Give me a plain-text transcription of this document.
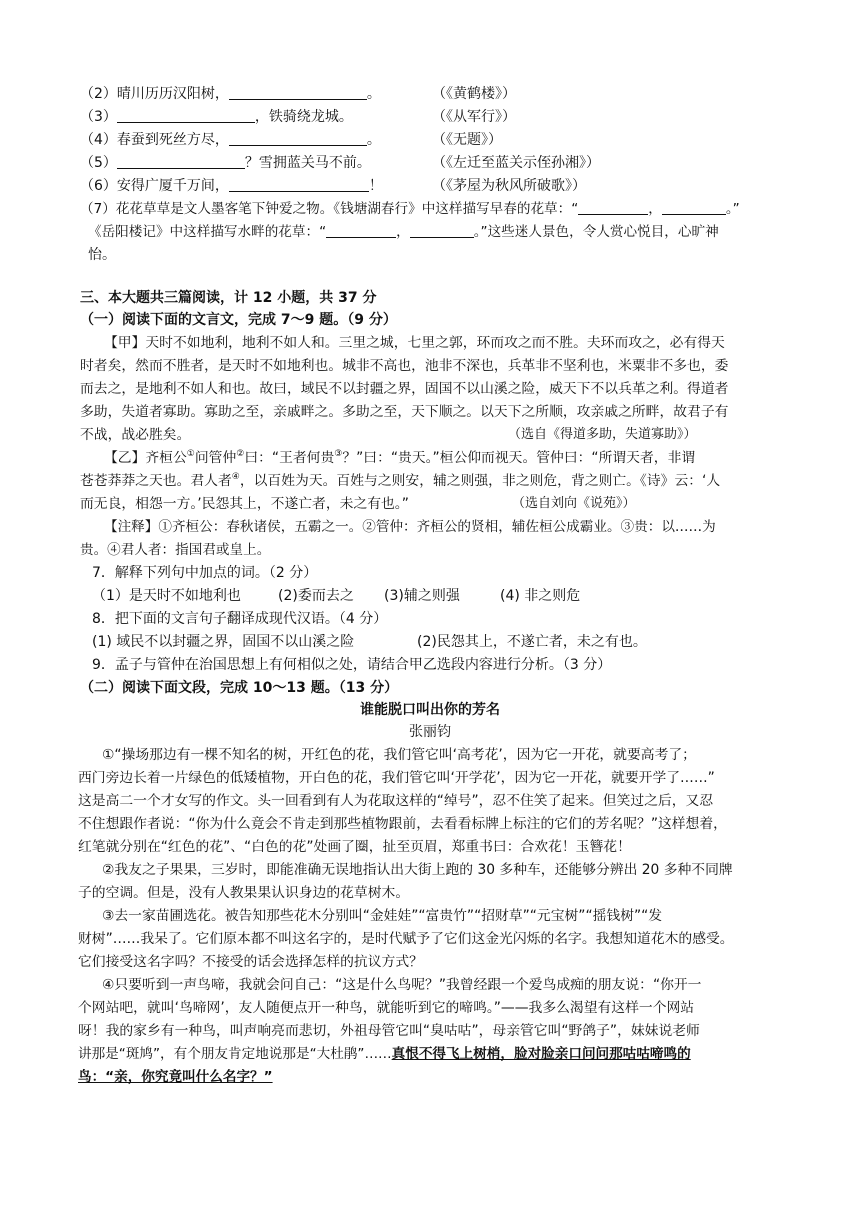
（2）晴川历历汉阳树，	。	（《黄鹤楼》）
（3）	，铁骑绕龙城。	（《从军行》）
（4）春蚕到死丝方尽，	。	（《无题》）
（5）	？雪拥蓝关马不前。	（《左迁至蓝关示侄孙湘》）
（6）安得广厦千万间，	！	（《茅屋为秋风所破歌》）
（7）花花草草是文人墨客笔下钟爱之物。《钱塘湖春行》中这样描写早春的花草：“	，	。”
《岳阳楼记》中这样描写水畔的花草：“	，	。”这些迷人景色，令人赏心悦目，心旷神
怡。
三、本大题共三篇阅读，计 12 小题，共 37 分
（一）阅读下面的文言文，完成 7～9 题。（9 分）
【甲】天时不如地利，地利不如人和。三里之城，七里之郭，环而攻之而不胜。夫环而攻之，必有得天
时者矣，然而不胜者，是天时不如地利也。城非不高也，池非不深也，兵革非不坚利也，米粟非不多也，委
而去之，是地利不如人和也。故曰，域民不以封疆之界，固国不以山溪之险，威天下不以兵革之利。得道者
多助，失道者寡助。寡助之至，亲戚畔之。多助之至，天下顺之。以天下之所顺，攻亲戚之所畔，故君子有
不战，战必胜矣。	（选自《得道多助，失道寡助》）
【乙】齐桓公①问管仲②曰：“王者何贵③？”曰：“贵天。”桓公仰而视天。管仲曰：“所谓天者，非谓
苍苍莽莽之天也。君人者④，以百姓为天。百姓与之则安，辅之则强，非之则危，背之则亡。《诗》云：‘人
而无良，相怨一方。’民怨其上，不遂亡者，未之有也。”	（选自刘向《说苑》）
【注释】①齐桓公：春秋诸侯，五霸之一。②管仲：齐桓公的贤相，辅佐桓公成霸业。③贵：以……为
贵。④君人者：指国君或皇上。
7．解释下列句中加点的词。（2 分）
（1）是天时不如地利也	(2)委而去之 (3)辅之则强	(4) 非之则危
8．把下面的文言句子翻译成现代汉语。（4 分）
(1) 域民不以封疆之界，固国不以山溪之险	(2)民怨其上，不遂亡者，未之有也。
9．孟子与管仲在治国思想上有何相似之处，请结合甲乙选段内容进行分析。（3 分）
（二）阅读下面文段，完成 10～13 题。（13 分）
谁能脱口叫出你的芳名
张丽钧
①“操场那边有一棵不知名的树，开红色的花，我们管它叫‘高考花’，因为它一开花，就要高考了；
西门旁边长着一片绿色的低矮植物，开白色的花，我们管它叫‘开学花’，因为它一开花，就要开学了……”
这是高二一个才女写的作文。头一回看到有人为花取这样的“绰号”，忍不住笑了起来。但笑过之后，又忍
不住想跟作者说：“你为什么竟会不肯走到那些植物跟前，去看看标牌上标注的它们的芳名呢？”这样想着，
红笔就分别在“红色的花”、“白色的花”处画了圈，扯至页眉，郑重书曰：合欢花！玉簪花！
②我友之子果果，三岁时，即能准确无误地指认出大街上跑的 30 多种车，还能够分辨出 20 多种不同牌
子的空调。但是，没有人教果果认识身边的花草树木。
③去一家苗圃选花。被告知那些花木分别叫“金娃娃”“富贵竹”“招财草”“元宝树”“摇钱树”“发
财树”……我呆了。它们原本都不叫这名字的，是时代赋予了它们这金光闪烁的名字。我想知道花木的感受。
它们接受这名字吗？不接受的话会选择怎样的抗议方式？
④只要听到一声鸟啼，我就会问自己：“这是什么鸟呢？”我曾经跟一个爱鸟成痴的朋友说：“你开一
个网站吧，就叫‘鸟啼网’，友人随便点开一种鸟，就能听到它的啼鸣。”——我多么渴望有这样一个网站
呀！我的家乡有一种鸟，叫声响亮而悲切，外祖母管它叫“臭咕咕”，母亲管它叫“野鸽子”，妹妹说老师
讲那是“斑鸠”，有个朋友肯定地说那是“大杜鹃”……真恨不得飞上树梢，脸对脸亲口问问那咕咕啼鸣的
鸟：“亲，你究竟叫什么名字？”
